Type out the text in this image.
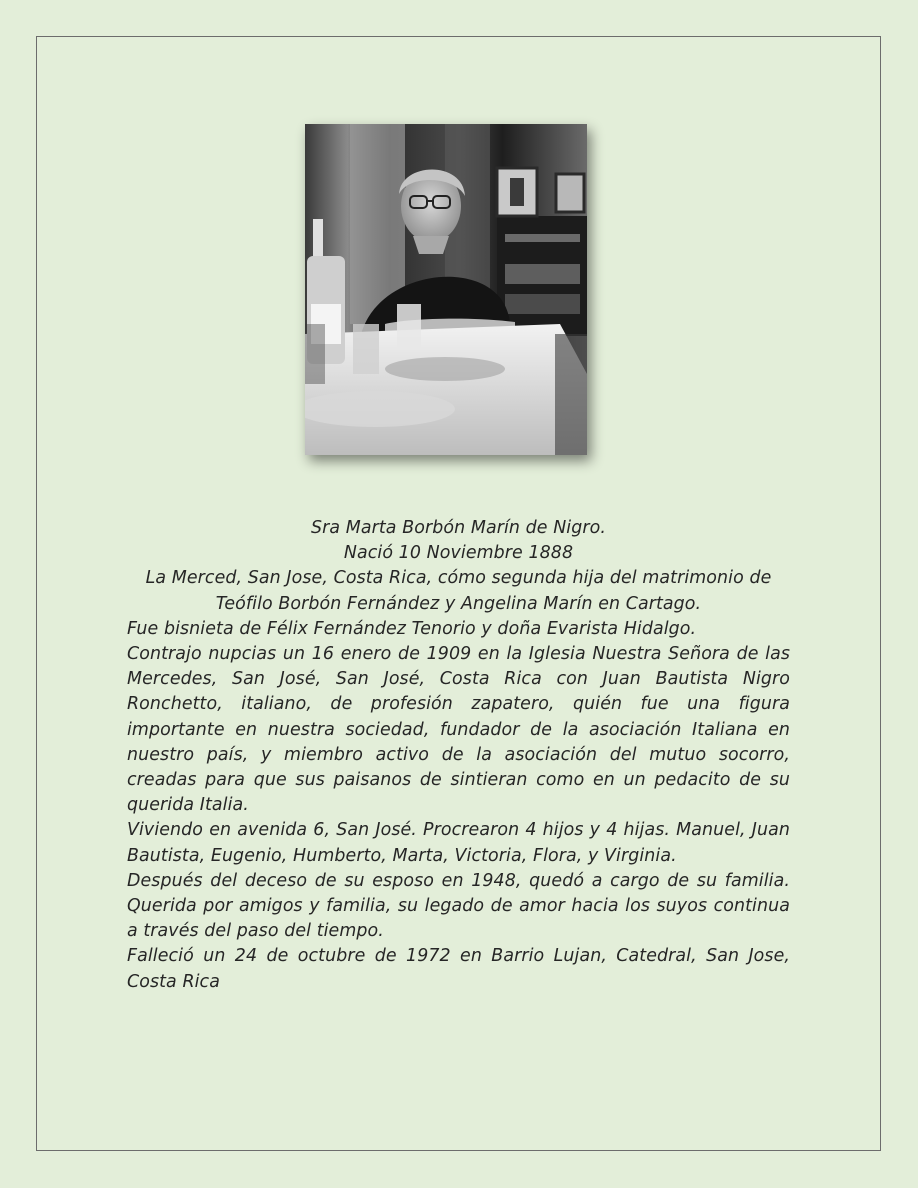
Sra Marta Borbón Marín de Nigro.

Nació 10 Noviembre 1888

La Merced, San Jose, Costa Rica, cómo segunda hija del matrimonio de Teófilo Borbón Fernández y Angelina Marín en Cartago.

Fue bisnieta de Félix Fernández Tenorio y doña Evarista Hidalgo.

Contrajo nupcias un 16 enero de 1909 en la Iglesia Nuestra Señora de las Mercedes, San José, San José, Costa Rica con Juan Bautista Nigro Ronchetto, italiano, de profesión zapatero, quién fue una figura importante en nuestra sociedad, fundador de la asociación Italiana en nuestro país, y miembro activo de la asociación del mutuo socorro, creadas para que sus paisanos de sintieran como en un pedacito de su querida Italia.

Viviendo en avenida 6, San José. Procrearon 4 hijos y 4 hijas. Manuel, Juan Bautista, Eugenio, Humberto, Marta, Victoria, Flora, y Virginia.

Después del deceso de su esposo en 1948, quedó a cargo de su familia. Querida por amigos y familia, su legado de amor hacia los suyos continua a través del paso del tiempo.

Falleció un 24 de octubre de 1972 en Barrio Lujan, Catedral, San Jose, Costa Rica
